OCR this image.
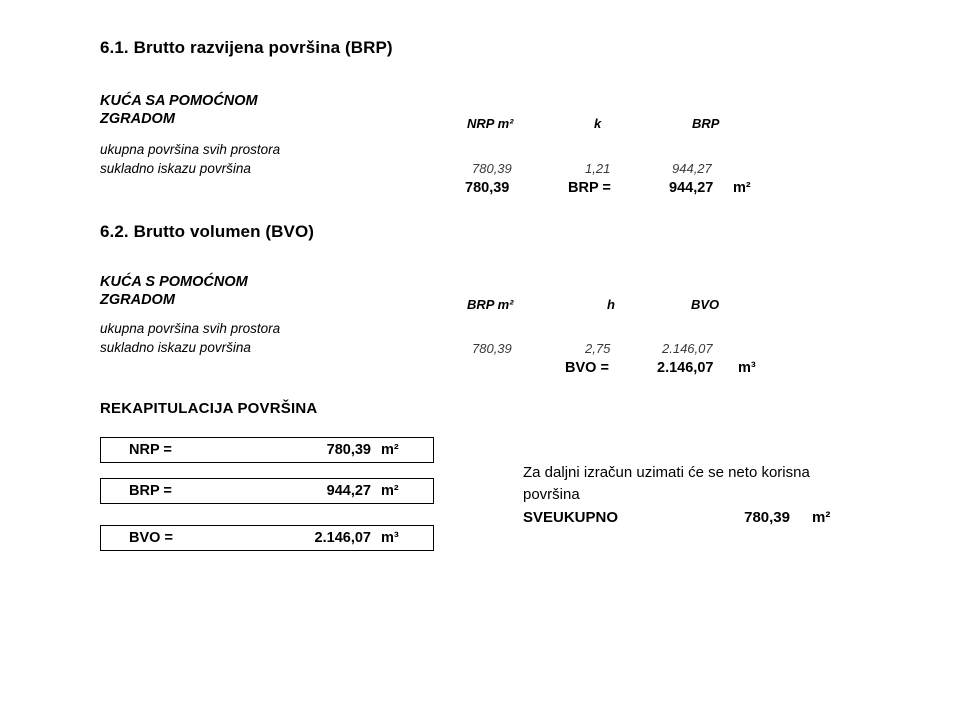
6.1. Brutto razvijena površina (BRP)
KUĆA SA POMOĆNOM
ZGRADOM	NRP m²	k	BRP
ukupna površina svih prostora
sukladno iskazu površina	780,39	1,21	944,27
780,39	BRP =	944,27 m²
6.2. Brutto volumen (BVO)
KUĆA S POMOĆNOM
ZGRADOM	BRP m²	h	BVO
ukupna površina svih prostora
sukladno iskazu površina	780,39	2,75	2.146,07
BVO =	2.146,07 m³
REKAPITULACIJA POVRŠINA
NRP =	780,39 m²
BRP =	944,27 m²
BVO =	2.146,07 m³
Za daljni izračun uzimati će se neto korisna
površina
SVEUKUPNO	780,39 m²
